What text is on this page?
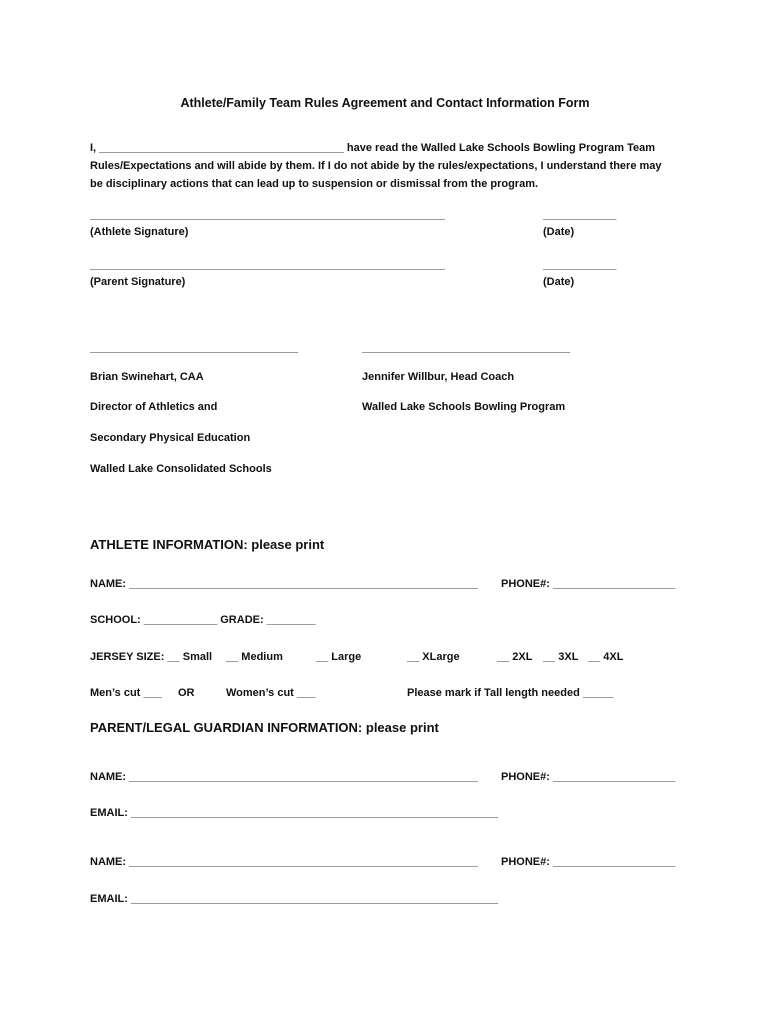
Athlete/Family Team Rules Agreement and Contact Information Form
I, ________________________________________ have read the Walled Lake Schools Bowling Program Team
Rules/Expectations and will abide by them. If I do not abide by the rules/expectations, I understand there may
be disciplinary actions that can lead up to suspension or dismissal from the program.
__________________________________________________________
(Athlete Signature)
____________
(Date)
__________________________________________________________
(Parent Signature)
____________
(Date)
__________________________________	__________________________________
Brian Swinehart, CAA	Jennifer Willbur, Head Coach
Director of Athletics and	Walled Lake Schools Bowling Program
Secondary Physical Education
Walled Lake Consolidated Schools
ATHLETE INFORMATION: please print
NAME: _________________________________________________________ PHONE#: ____________________
SCHOOL: ____________ GRADE: ________
JERSEY SIZE: __ Small __ Medium	__ Large	__ XLarge	__ 2XL __ 3XL __ 4XL
Men’s cut ___ OR	Women’s cut ___	Please mark if Tall length needed _____
PARENT/LEGAL GUARDIAN INFORMATION: please print
NAME: _________________________________________________________ PHONE#: ____________________
EMAIL: ____________________________________________________________
NAME: _________________________________________________________ PHONE#: ____________________
EMAIL: ____________________________________________________________
